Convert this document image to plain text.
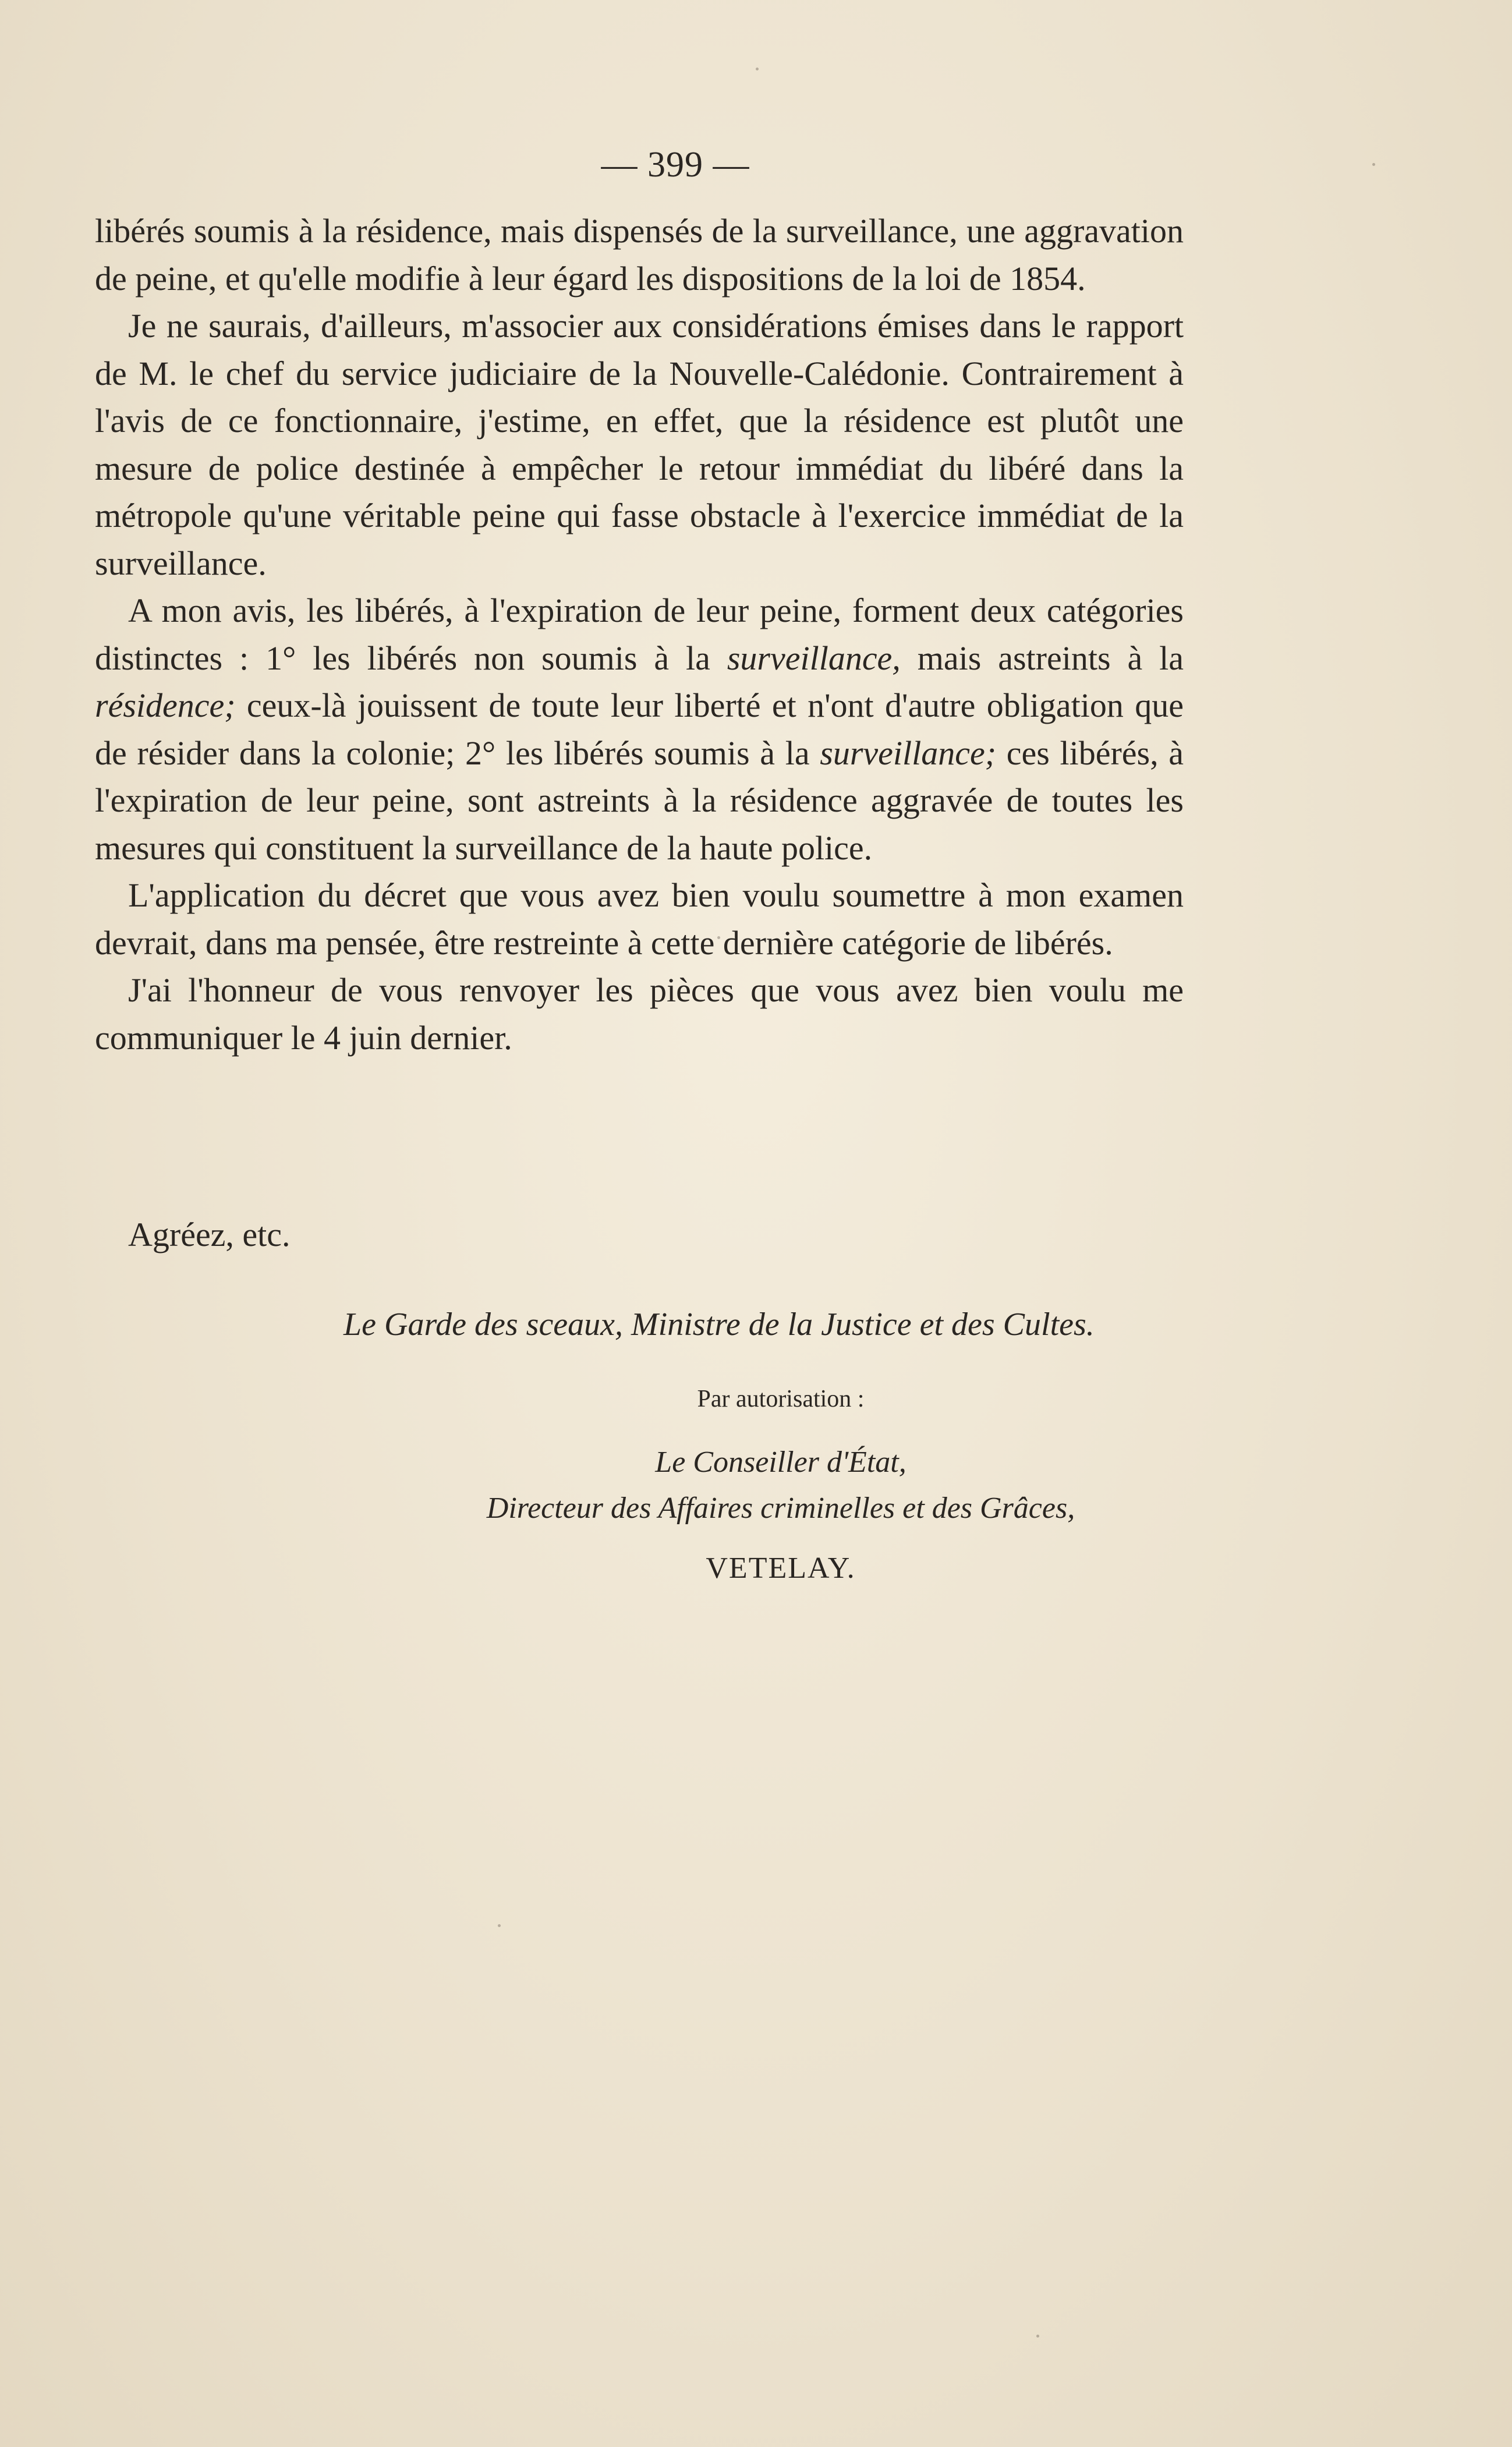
— 399 —

libérés soumis à la résidence, mais dispensés de la surveillance, une aggravation de peine, et qu'elle modifie à leur égard les dispositions de la loi de 1854.

Je ne saurais, d'ailleurs, m'associer aux considérations émises dans le rapport de M. le chef du service judiciaire de la Nouvelle-Calédonie. Contrairement à l'avis de ce fonctionnaire, j'estime, en effet, que la résidence est plutôt une mesure de police destinée à empêcher le retour immédiat du libéré dans la métropole qu'une véritable peine qui fasse obstacle à l'exercice immédiat de la surveillance.

A mon avis, les libérés, à l'expiration de leur peine, forment deux catégories distinctes : 1° les libérés non soumis à la surveillance, mais astreints à la résidence; ceux-là jouissent de toute leur liberté et n'ont d'autre obligation que de résider dans la colonie; 2° les libérés soumis à la surveillance; ces libérés, à l'expiration de leur peine, sont astreints à la résidence aggravée de toutes les mesures qui constituent la surveillance de la haute police.

L'application du décret que vous avez bien voulu soumettre à mon examen devrait, dans ma pensée, être restreinte à cette dernière catégorie de libérés.

J'ai l'honneur de vous renvoyer les pièces que vous avez bien voulu me communiquer le 4 juin dernier.

Agréez, etc.
Le Garde des sceaux, Ministre de la Justice et des Cultes.
Par autorisation :
Le Conseiller d'État,
Directeur des Affaires criminelles et des Grâces,
VETELAY.
